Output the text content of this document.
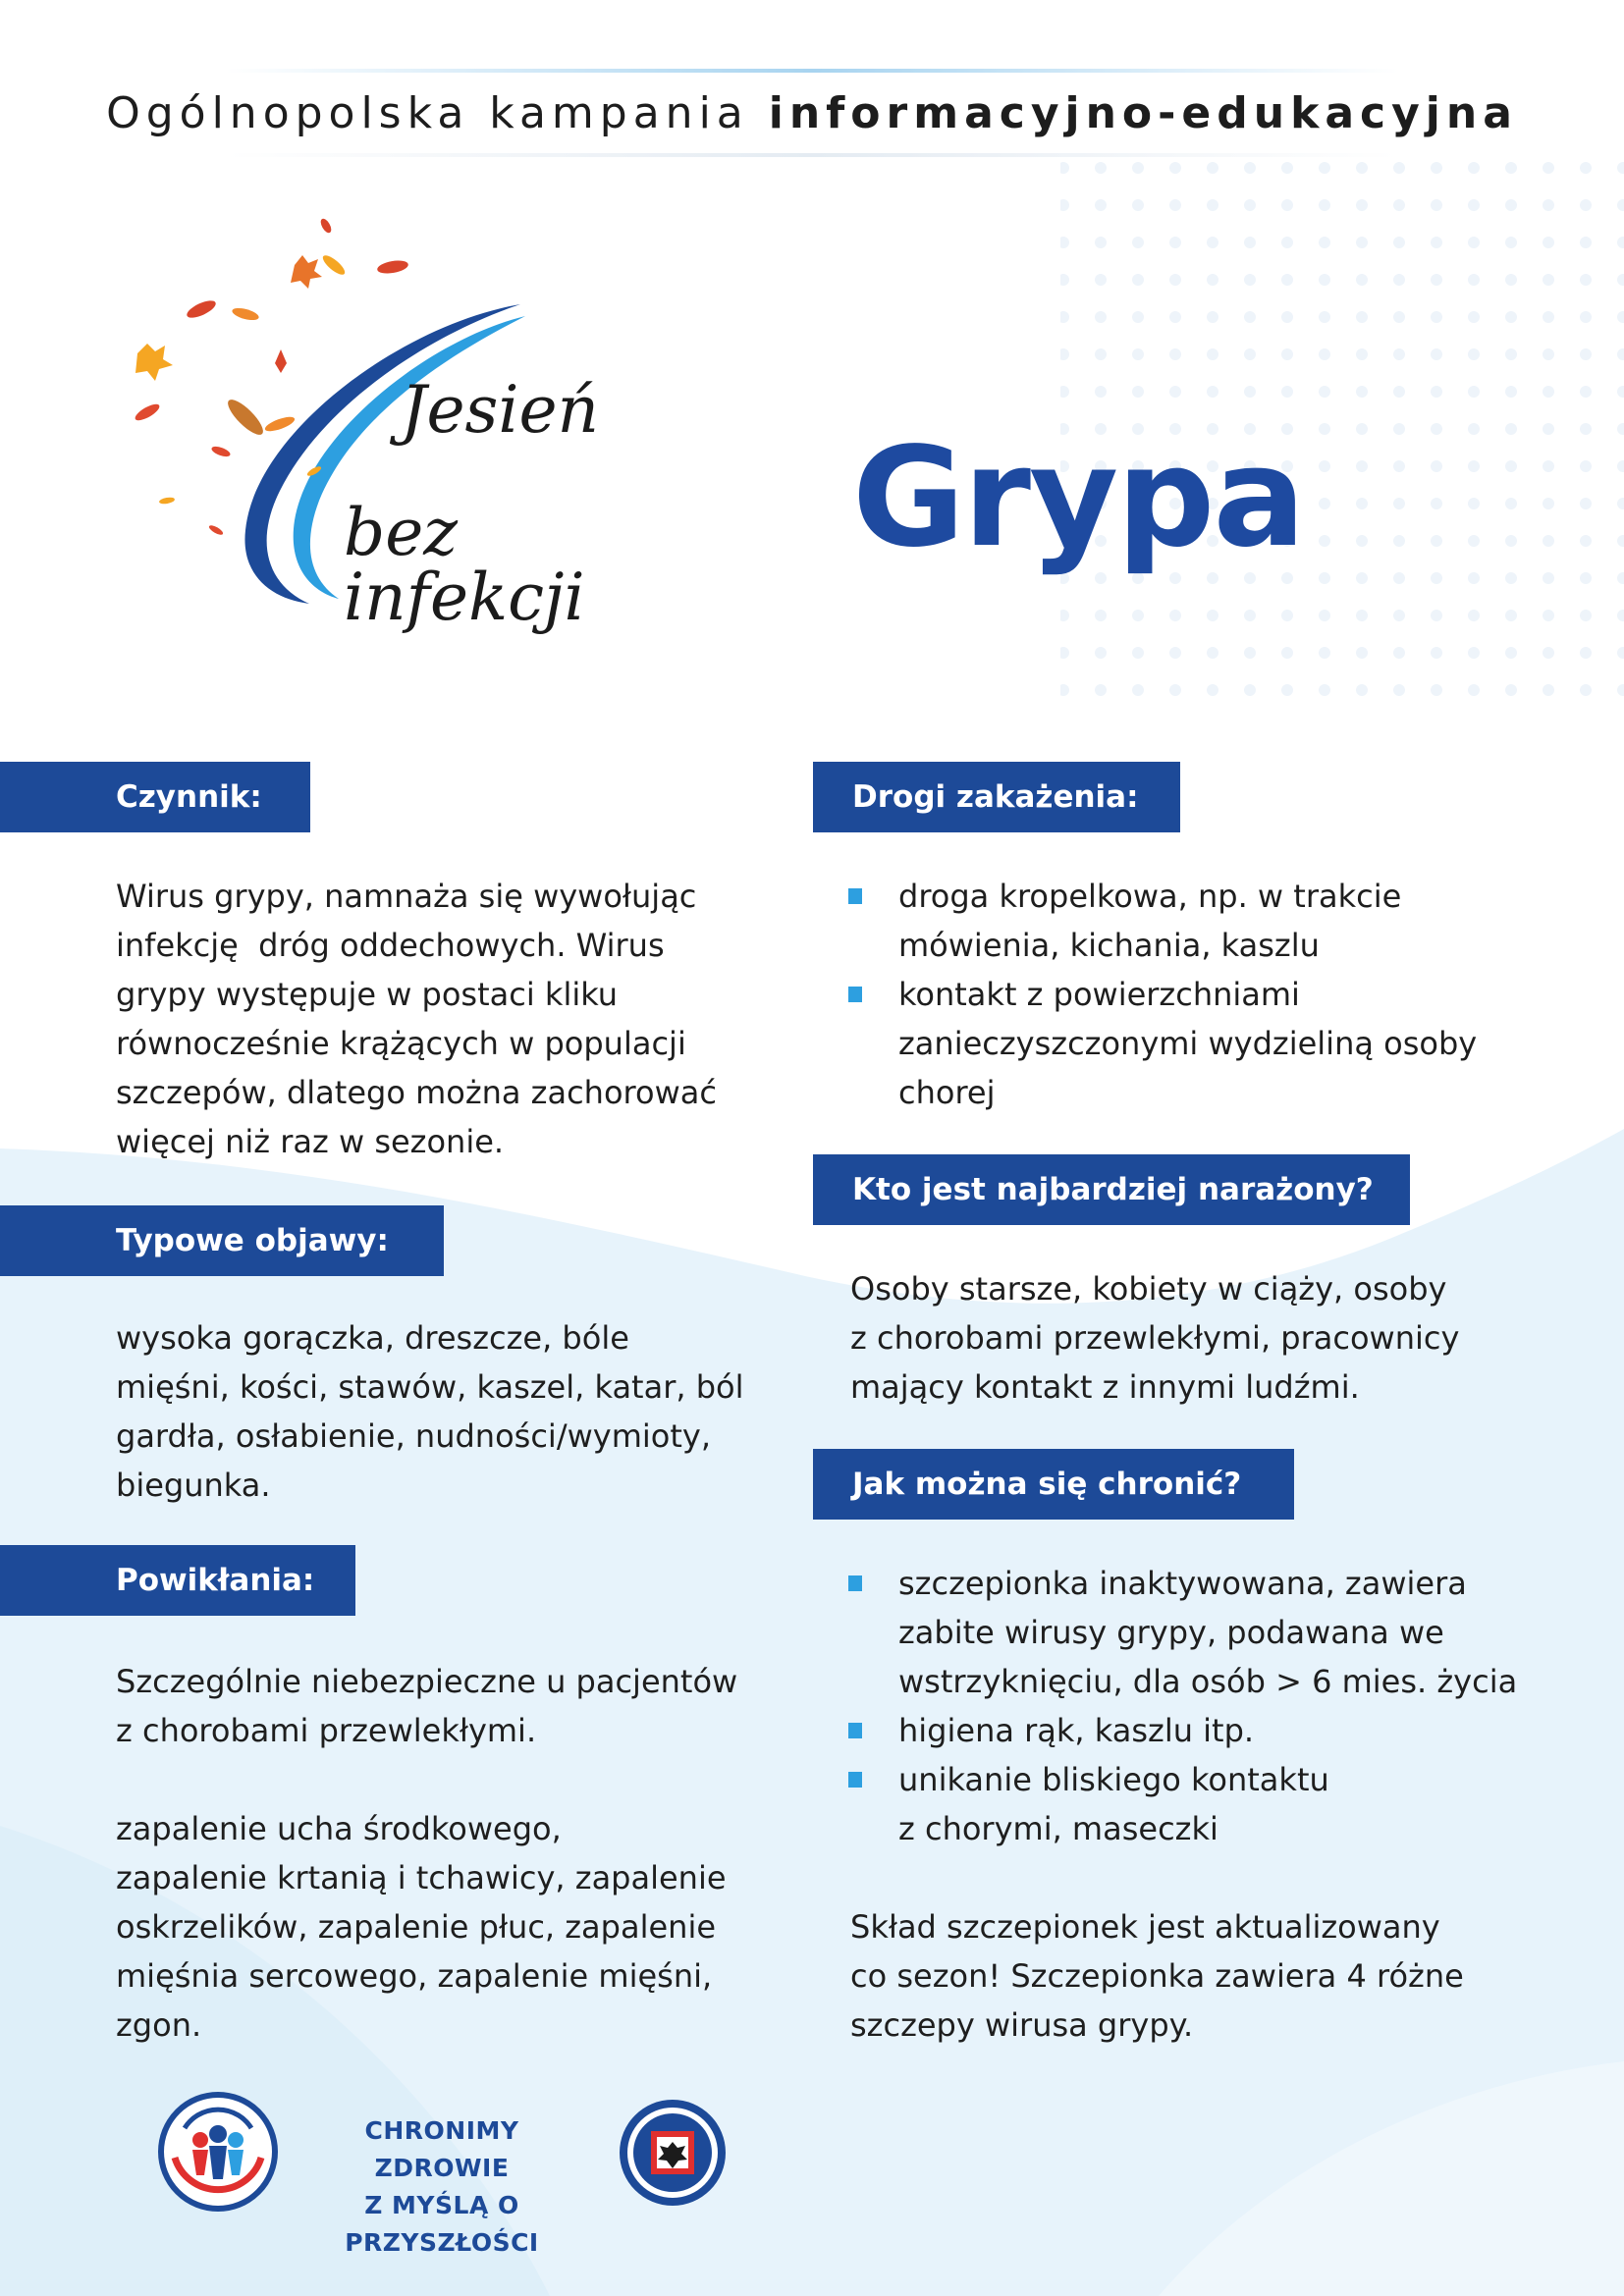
Ogólnopolska kampania informacyjno-edukacyjna
Jesień
bez infekcji
Grypa
Czynnik:
Wirus grypy, namnaża się wywołując
infekcję  dróg oddechowych. Wirus
grypy występuje w postaci kliku
równocześnie krążących w populacji
szczepów, dlatego można zachorować
więcej niż raz w sezonie.
Typowe objawy:
wysoka gorączka, dreszcze, bóle
mięśni, kości, stawów, kaszel, katar, ból
gardła, osłabienie, nudności/wymioty,
biegunka.
Powikłania:
Szczególnie niebezpieczne u pacjentów
z chorobami przewlekłymi.
zapalenie ucha środkowego,
zapalenie krtanią i tchawicy, zapalenie
oskrzelików, zapalenie płuc, zapalenie
mięśnia sercowego, zapalenie mięśni,
zgon.
Drogi zakażenia:
droga kropelkowa, np. w trakcie
mówienia, kichania, kaszlu
kontakt z powierzchniami
zanieczyszczonymi wydzieliną osoby
chorej
Kto jest najbardziej narażony?
Osoby starsze, kobiety w ciąży, osoby
z chorobami przewlekłymi, pracownicy
mający kontakt z innymi ludźmi.
Jak można się chronić?
szczepionka inaktywowana, zawiera
zabite wirusy grypy, podawana we
wstrzyknięciu, dla osób > 6 mies. życia
higiena rąk, kaszlu itp.
unikanie bliskiego kontaktu
z chorymi, maseczki
Skład szczepionek jest aktualizowany
co sezon! Szczepionka zawiera 4 różne
szczepy wirusa grypy.
CHRONIMY ZDROWIE
Z MYŚLĄ O PRZYSZŁOŚCI
